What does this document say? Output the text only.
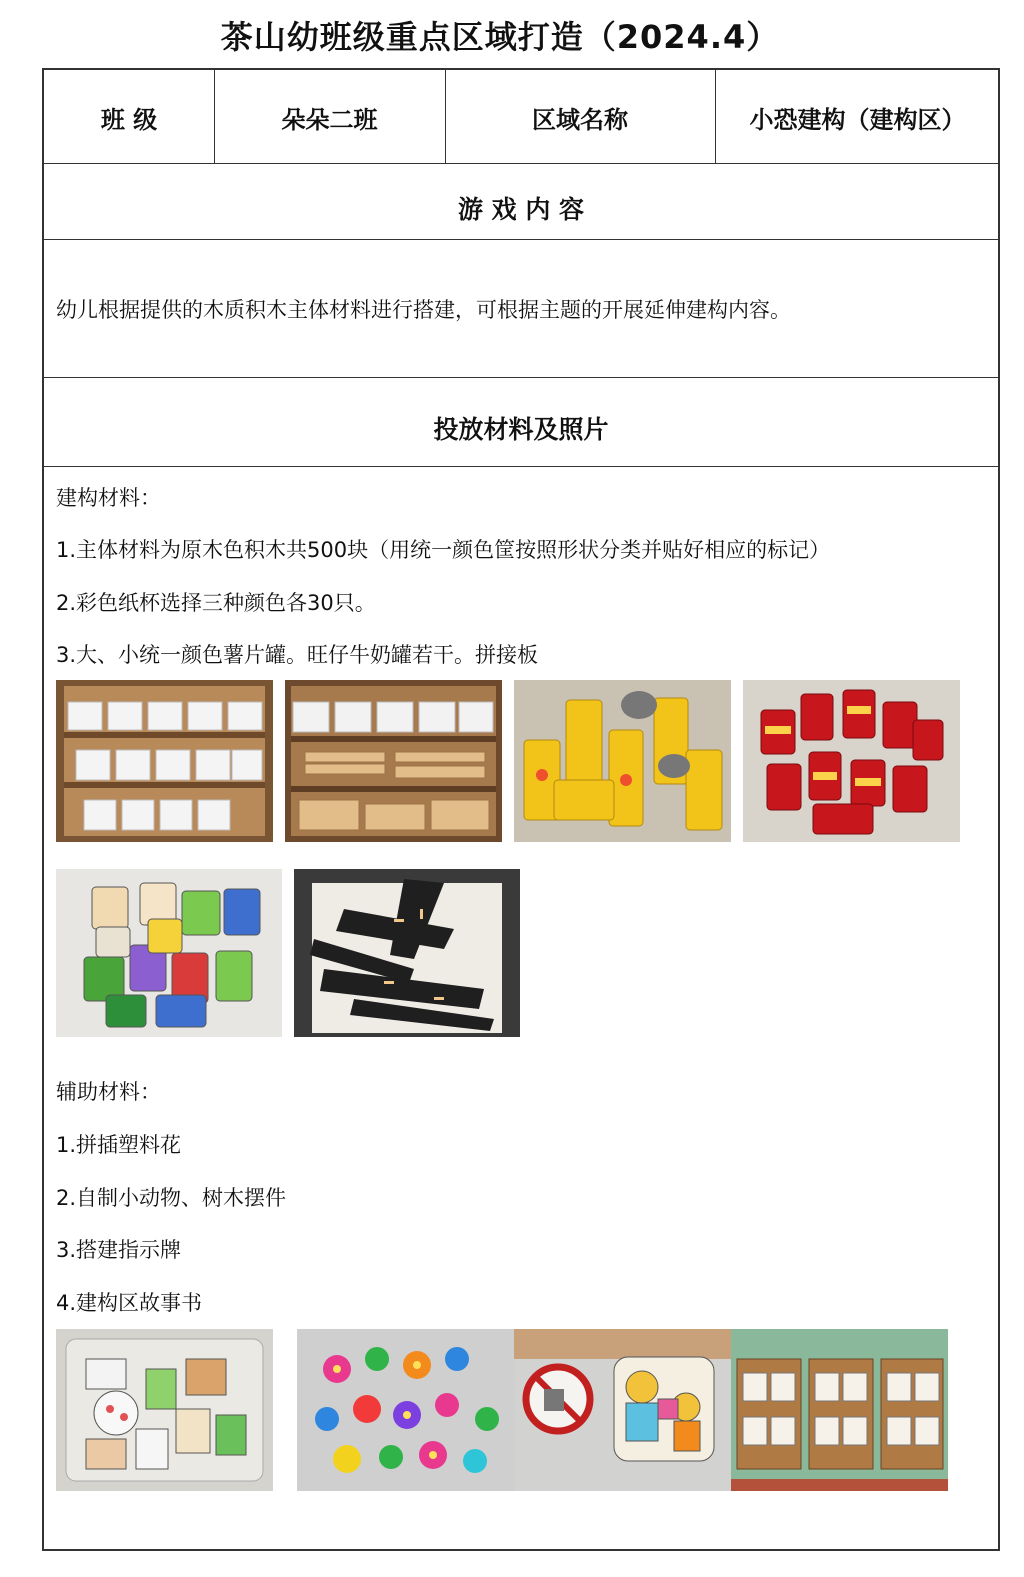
茶山幼班级重点区域打造（2024.4）
班 级	朵朵二班	区域名称	小恐建构（建构区）
游 戏 内 容
幼儿根据提供的木质积木主体材料进行搭建，可根据主题的开展延伸建构内容。
投放材料及照片
建构材料：
1.主体材料为原木色积木共500块（用统一颜色筐按照形状分类并贴好相应的标记）
2.彩色纸杯选择三种颜色各30只。
3.大、小统一颜色薯片罐。旺仔牛奶罐若干。拼接板
辅助材料：
1.拼插塑料花
2.自制小动物、树木摆件
3.搭建指示牌
4.建构区故事书
